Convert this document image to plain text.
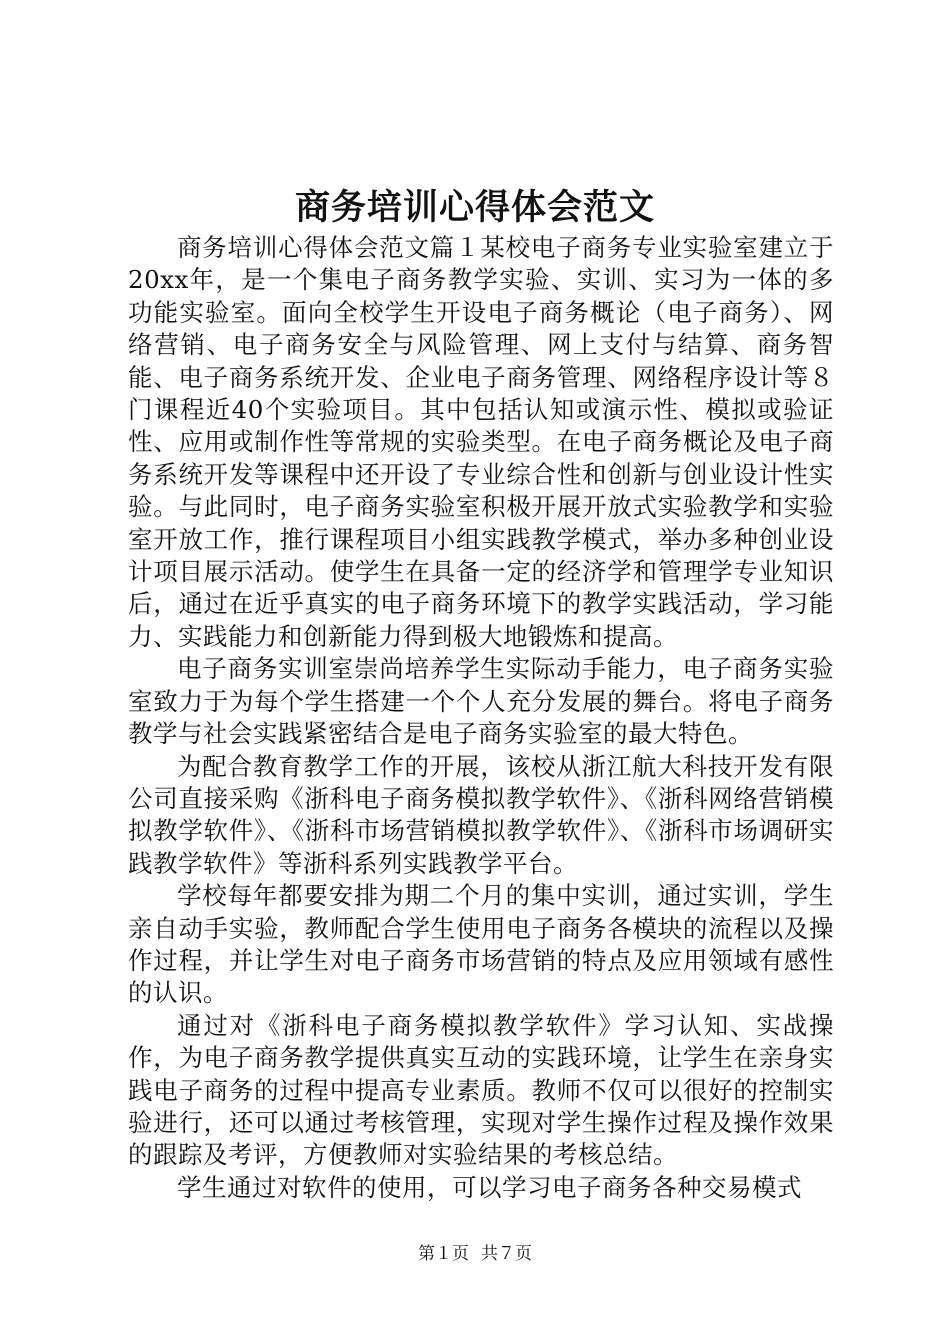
商务培训心得体会范文

商务培训心得体会范文篇１某校电子商务专业实验室建立于20xx年，是一个集电子商务教学实验、实训、实习为一体的多功能实验室。面向全校学生开设电子商务概论（电子商务）、网络营销、电子商务安全与风险管理、网上支付与结算、商务智能、电子商务系统开发、企业电子商务管理、网络程序设计等８门课程近40个实验项目。其中包括认知或演示性、模拟或验证性、应用或制作性等常规的实验类型。在电子商务概论及电子商务系统开发等课程中还开设了专业综合性和创新与创业设计性实验。与此同时，电子商务实验室积极开展开放式实验教学和实验室开放工作，推行课程项目小组实践教学模式，举办多种创业设计项目展示活动。使学生在具备一定的经济学和管理学专业知识后，通过在近乎真实的电子商务环境下的教学实践活动，学习能力、实践能力和创新能力得到极大地锻炼和提高。

电子商务实训室崇尚培养学生实际动手能力，电子商务实验室致力于为每个学生搭建一个个人充分发展的舞台。将电子商务教学与社会实践紧密结合是电子商务实验室的最大特色。

为配合教育教学工作的开展，该校从浙江航大科技开发有限公司直接采购《浙科电子商务模拟教学软件》、《浙科网络营销模拟教学软件》、《浙科市场营销模拟教学软件》、《浙科市场调研实践教学软件》等浙科系列实践教学平台。

学校每年都要安排为期二个月的集中实训，通过实训，学生亲自动手实验，教师配合学生使用电子商务各模块的流程以及操作过程，并让学生对电子商务市场营销的特点及应用领域有感性的认识。

通过对《浙科电子商务模拟教学软件》学习认知、实战操作，为电子商务教学提供真实互动的实践环境，让学生在亲身实践电子商务的过程中提高专业素质。教师不仅可以很好的控制实验进行，还可以通过考核管理，实现对学生操作过程及操作效果的跟踪及考评，方便教师对实验结果的考核总结。

学生通过对软件的使用，可以学习电子商务各种交易模式

第１页 共７页
